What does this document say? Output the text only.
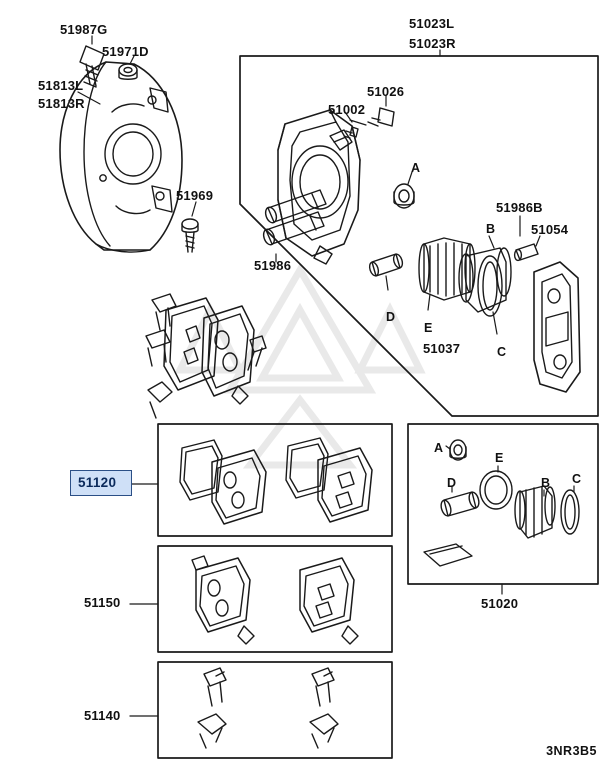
51987G
51971D
51813L
51813R
51969
51023L
51023R
51026
51002
51986
51986B
51054
51037
51150
51140
51020
A
B
C
D
E
A
E
D	B C
51120
3NR3B5
